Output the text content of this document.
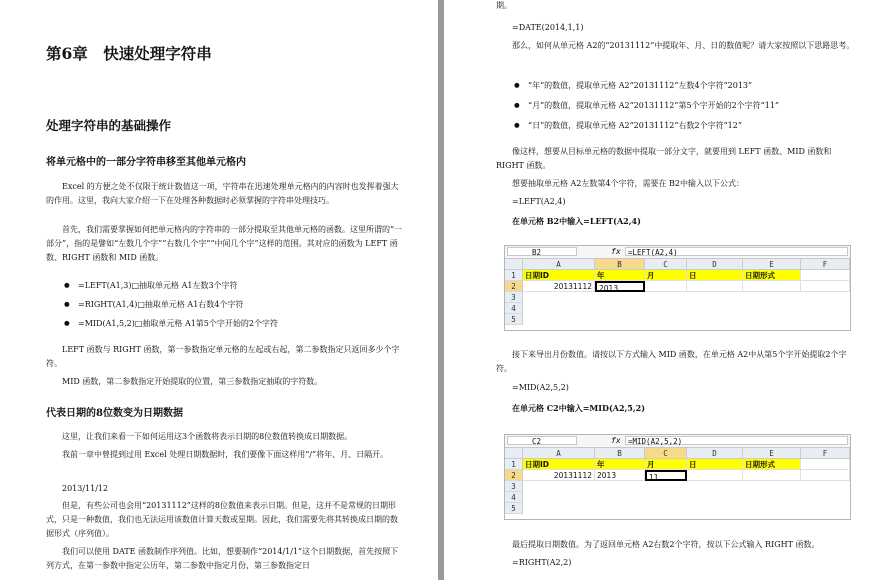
第6章　快速处理字符串
处理字符串的基础操作
将单元格中的一部分字符串移至其他单元格内
Excel 的方便之处不仅限于统计数值这一项，字符串在迅速处理单元格内的内容时也发挥着强大的作用。这里，我向大家介绍一下在处理各种数据时必须掌握的字符串处理技巧。
首先，我们需要掌握如何把单元格内的字符串的一部分提取至其他单元格的函数。这里所谓的“一部分”，指的是譬如“左数几个字”“右数几个字”“中间几个字”这样的范围。其对应的函数为 LEFT 函数、RIGHT 函数和 MID 函数。
● =LEFT(A1,3)□抽取单元格 A1左数3个字符
● =RIGHT(A1,4)□抽取单元格 A1右数4个字符
● =MID(A1,5,2)□抽取单元格 A1第5个字开始的2个字符
LEFT 函数与 RIGHT 函数，第一参数指定单元格的左起或右起，第二参数指定只返回多少个字符。
MID 函数，第二参数指定开始提取的位置，第三参数指定抽取的字符数。
代表日期的8位数变为日期数据
这里，让我们来看一下如何运用这3个函数将表示日期的8位数值转换成日期数据。
我前一章中曾提到过用 Excel 处理日期数据时，我们要像下面这样用“/”将年、月、日隔开。
2013/11/12
但是，有些公司也会用“20131112”这样的8位数值来表示日期。但是，这并不是常规的日期形式，只是一种数值，我们也无法运用该数值计算天数或星期。因此，我们需要先将其转换成日期的数据形式（序列值）。
我们可以使用 DATE 函数制作序列值。比如，想要制作“2014/1/1”这个日期数据，首先按照下列方式，在第一参数中指定公历年，第二参数中指定月份，第三参数指定日
期。
=DATE(2014,1,1)
那么，如何从单元格 A2的“20131112”中提取年、月、日的数值呢？请大家按照以下思路思考。
● “年”的数值，提取单元格 A2“20131112”左数4个字符“2013”
● “月”的数值，提取单元格 A2“20131112”第5个字开始的2个字符“11”
● “日”的数值，提取单元格 A2“20131112”右数2个字符“12”
像这样，想要从目标单元格的数据中提取一部分文字，就要用到 LEFT 函数、MID 函数和 RIGHT 函数。
想要抽取单元格 A2左数第4个字符，需要在 B2中输入以下公式：
=LEFT(A2,4)
在单元格 B2中输入=LEFT(A2,4)
B2	fx =LEFT(A2,4)
A	B	C	D	E	F
1
2
3
4
5
日期ID	年	月	日	日期形式
20131112 2013
接下来导出月份数值。请按以下方式输入 MID 函数，在单元格 A2中从第5个字开始提取2个字符。
=MID(A2,5,2)
在单元格 C2中输入=MID(A2,5,2)
C2	fx =MID(A2,5,2)
A	B	C	D	E	F
1
2
3
4
5
日期ID	年	月	日	日期形式
20131112 2013	11
最后提取日期数值。为了返回单元格 A2右数2个字符，按以下公式输入 RIGHT 函数。
=RIGHT(A2,2)
